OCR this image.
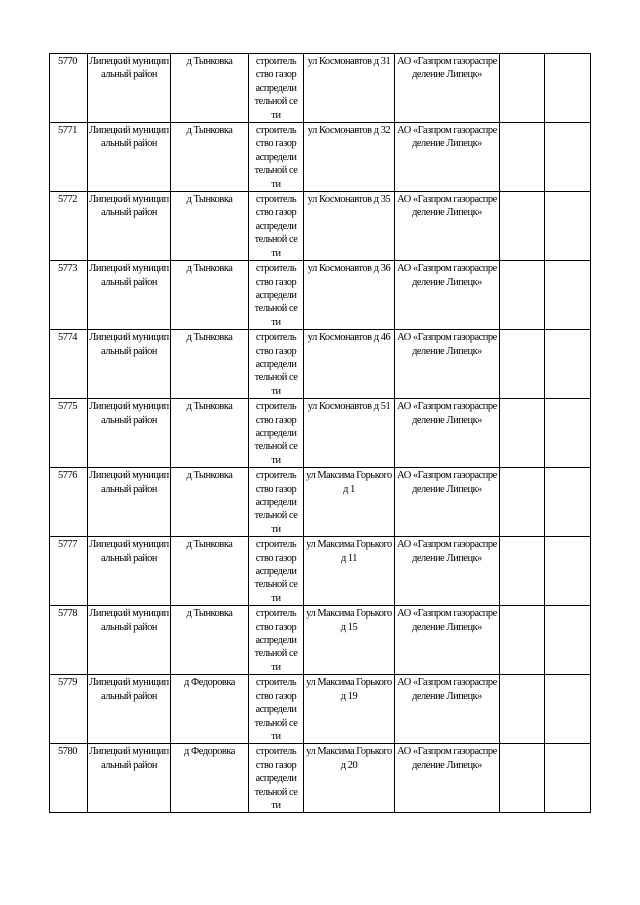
5770	Липецкий муниципальный район	д Тынковка	строительство газораспределительной сети	ул Космонавтов д 31	АО «Газпром газораспределение Липецк»		
5771	Липецкий муниципальный район	д Тынковка	строительство газораспределительной сети	ул Космонавтов д 32	АО «Газпром газораспределение Липецк»		
5772	Липецкий муниципальный район	д Тынковка	строительство газораспределительной сети	ул Космонавтов д 35	АО «Газпром газораспределение Липецк»		
5773	Липецкий муниципальный район	д Тынковка	строительство газораспределительной сети	ул Космонавтов д 36	АО «Газпром газораспределение Липецк»		
5774	Липецкий муниципальный район	д Тынковка	строительство газораспределительной сети	ул Космонавтов д 46	АО «Газпром газораспределение Липецк»		
5775	Липецкий муниципальный район	д Тынковка	строительство газораспределительной сети	ул Космонавтов д 51	АО «Газпром газораспределение Липецк»		
5776	Липецкий муниципальный район	д Тынковка	строительство газораспределительной сети	ул Максима Горького д 1	АО «Газпром газораспределение Липецк»		
5777	Липецкий муниципальный район	д Тынковка	строительство газораспределительной сети	ул Максима Горького д 11	АО «Газпром газораспределение Липецк»		
5778	Липецкий муниципальный район	д Тынковка	строительство газораспределительной сети	ул Максима Горького д 15	АО «Газпром газораспределение Липецк»		
5779	Липецкий муниципальный район	д Федоровка	строительство газораспределительной сети	ул Максима Горького д 19	АО «Газпром газораспределение Липецк»		
5780	Липецкий муниципальный район	д Федоровка	строительство газораспределительной сети	ул Максима Горького д 20	АО «Газпром газораспределение Липецк»		
